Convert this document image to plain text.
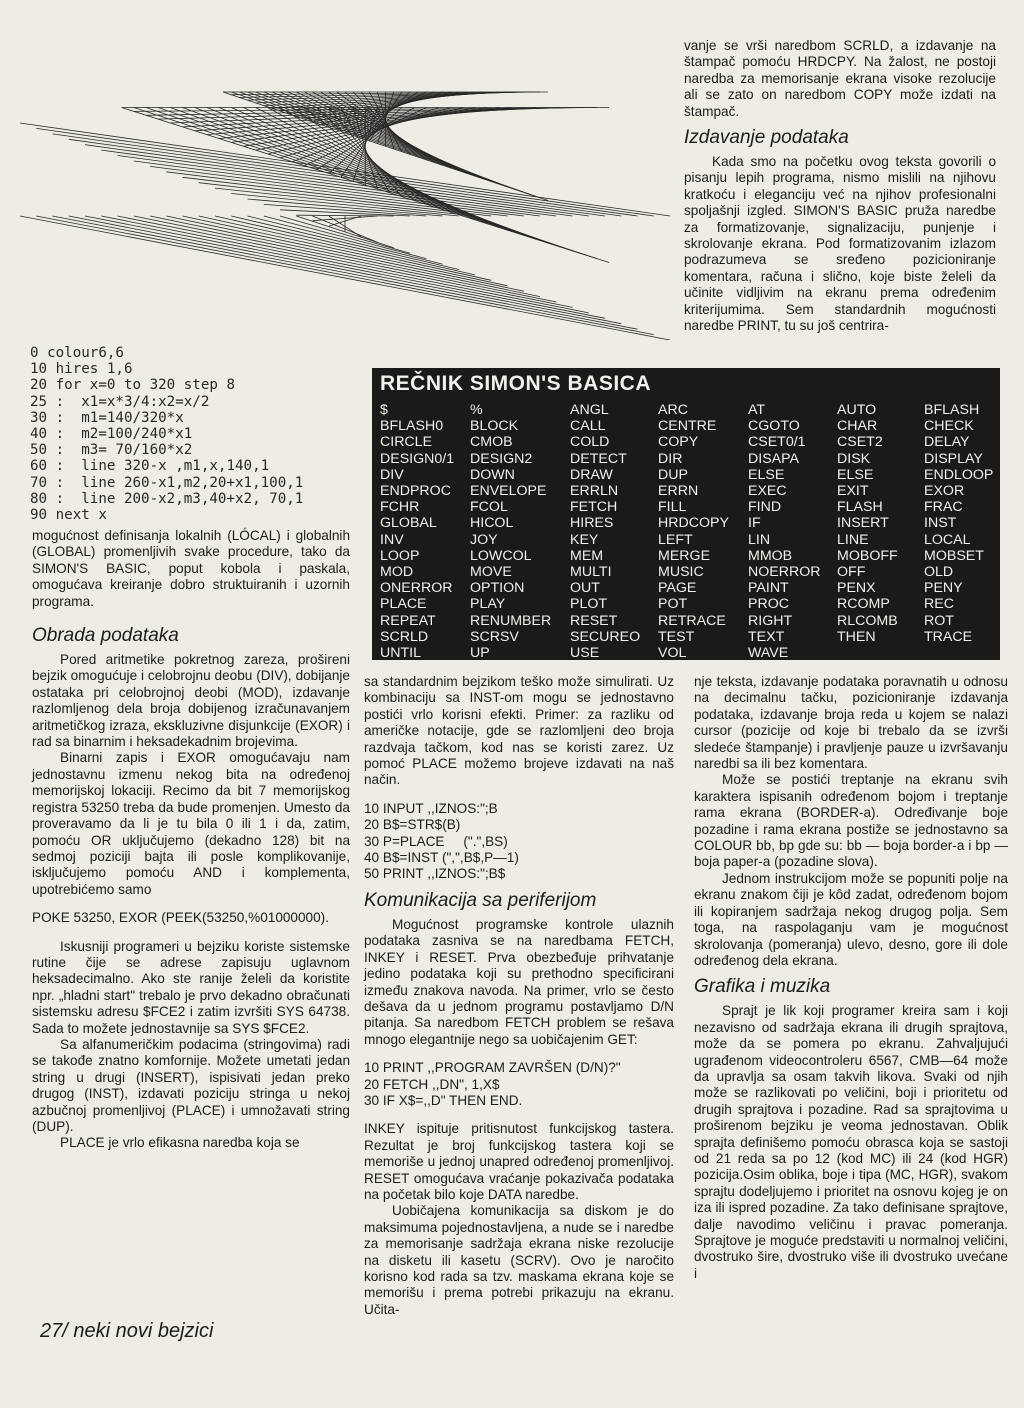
vanje se vrši naredbom SCRLD, a izdavanje na štampač pomoću HRDCPY. Na žalost, ne postoji naredba za memorisanje ekrana visoke rezolucije ali se zato on naredbom COPY može izdati na štampač.

Izdavanje podataka

Kada smo na početku ovog teksta govorili o pisanju lepih programa, nismo mislili na njihovu kratkoću i eleganciju već na njihov profesionalni spoljašnji izgled. SIMON'S BASIC pruža naredbe za formatizovanje, signalizaciju, punjenje i skrolovanje ekrana. Pod formatizovanim izlazom podrazumeva se sređeno pozicioniranje komentara, računa i slično, koje biste želeli da učinite vidljivim na ekranu prema određenim kriterijumima. Sem standardnih mogućnosti naredbe PRINT, tu su još centrira-

0 colour6,6
10 hires 1,6
20 for x=0 to 320 step 8
25 :  x1=x*3/4:x2=x/2
30 :  m1=140/320*x
40 :  m2=100/240*x1
50 :  m3= 70/160*x2
60 :  line 320-x ,m1,x,140,1
70 :  line 260-x1,m2,20+x1,100,1
80 :  line 200-x2,m3,40+x2, 70,1
90 next x
REČNIK SIMON'S BASICA
$
BFLASH0
CIRCLE
DESIGN0/1
DIV
ENDPROC
FCHR
GLOBAL
INV
LOOP
MOD
ONERROR
PLACE
REPEAT
SCRLD
UNTIL
%
BLOCK
CMOB
DESIGN2
DOWN
ENVELOPE
FCOL
HICOL
JOY
LOWCOL
MOVE
OPTION
PLAY
RENUMBER
SCRSV
UP
ANGL
CALL
COLD
DETECT
DRAW
ERRLN
FETCH
HIRES
KEY
MEM
MULTI
OUT
PLOT
RESET
SECUREO
USE
ARC
CENTRE
COPY
DIR
DUP
ERRN
FILL
HRDCOPY
LEFT
MERGE
MUSIC
PAGE
POT
RETRACE
TEST
VOL
AT
CGOTO
CSET0/1
DISAPA
ELSE
EXEC
FIND
IF
LIN
MMOB
NOERROR
PAINT
PROC
RIGHT
TEXT
WAVE
AUTO
CHAR
CSET2
DISK
ELSE
EXIT
FLASH
INSERT
LINE
MOBOFF
OFF
PENX
RCOMP
RLCOMB
THEN
BFLASH
CHECK
DELAY
DISPLAY
ENDLOOP
EXOR
FRAC
INST
LOCAL
MOBSET
OLD
PENY
REC
ROT
TRACE

mogućnost definisanja lokalnih (LÓCAL) i globalnih (GLOBAL) promenljivih svake procedure, tako da SIMON'S BASIC, poput kobola i paskala, omogućava kreiranje dobro struktuiranih i uzornih programa.

Obrada podataka

Pored aritmetike pokretnog zareza, prošireni bejzik omogućuje i celobrojnu deobu (DIV), dobijanje ostataka pri celobrojnoj deobi (MOD), izdavanje razlomljenog dela broja dobijenog izračunavanjem aritmetičkog izraza, ekskluzivne disjunkcije (EXOR) i rad sa binarnim i heksadekadnim brojevima.

Binarni zapis i EXOR omogućavaju nam jednostavnu izmenu nekog bita na određenoj memorijskoj lokaciji. Recimo da bit 7 memorijskog registra 53250 treba da bude promenjen. Umesto da proveravamo da li je tu bila 0 ili 1 i da, zatim, pomoću OR uključujemo (dekadno 128) bit na sedmoj poziciji bajta ili posle komplikovanije, isključujemo pomoću AND i komplementa, upotrebićemo samo

POKE 53250, EXOR (PEEK(53250,%01000000).

Iskusniji programeri u bejziku koriste sistemske rutine čije se adrese zapisuju uglavnom heksadecimalno. Ako ste ranije želeli da koristite npr. „hladni start" trebalo je prvo dekadno obračunati sistemsku adresu $FCE2 i zatim izvršiti SYS 64738. Sada to možete jednostavnije sa SYS $FCE2.

Sa alfanumeričkim podacima (stringovima) radi se takođe znatno komfornije. Možete umetati jedan string u drugi (INSERT), ispisivati jedan preko drugog (INST), izdavati poziciju stringa u nekoj azbučnoj promenljivoj (PLACE) i umnožavati string (DUP).

PLACE je vrlo efikasna naredba koja se

sa standardnim bejzikom teško može simulirati. Uz kombinaciju sa INST-om mogu se jednostavno postići vrlo korisni efekti. Primer: za razliku od američke notacije, gde se razlomljeni deo broja razdvaja tačkom, kod nas se koristi zarez. Uz pomoć PLACE možemo brojeve izdavati na naš način.

10 INPUT ,,IZNOS:";B
20 B$=STR$(B)
30 P=PLACE     (".",BS)
40 B$=INST (",",B$,P—1)
50 PRINT ,,IZNOS:";B$
Komunikacija sa periferijom

Mogućnost programske kontrole ulaznih podataka zasniva se na naredbama FETCH, INKEY i RESET. Prva obezbeđuje prihvatanje jedino podataka koji su prethodno specificirani između znakova navoda. Na primer, vrlo se često dešava da u jednom programu postavljamo D/N pitanja. Sa naredbom FETCH problem se rešava mnogo elegantnije nego sa uobičajenim GET:

10 PRINT ,,PROGRAM ZAVRŠEN (D/N)?"
20 FETCH ,,DN", 1,X$
30 IF X$=,,D" THEN END.

INKEY ispituje pritisnutost funkcijskog tastera. Rezultat je broj funkcijskog tastera koji se memoriše u jednoj unapred određenoj promenljivoj. RESET omogućava vraćanje pokazivača podataka na početak bilo koje DATA naredbe.

Uobičajena komunikacija sa diskom je do maksimuma pojednostavljena, a nude se i naredbe za memorisanje sadržaja ekrana niske rezolucije na disketu ili kasetu (SCRV). Ovo je naročito korisno kod rada sa tzv. maskama ekrana koje se memorišu i prema potrebi prikazuju na ekranu. Učita-

nje teksta, izdavanje podataka poravnatih u odnosu na decimalnu tačku, pozicioniranje izdavanja podataka, izdavanje broja reda u kojem se nalazi cursor (pozicije od koje bi trebalo da se izvrši sledeće štampanje) i pravljenje pauze u izvršavanju naredbi sa ili bez komentara.

Može se postići treptanje na ekranu svih karaktera ispisanih određenom bojom i treptanje rama ekrana (BORDER-a). Određivanje boje pozadine i rama ekrana postiže se jednostavno sa COLOUR bb, bp gde su: bb — boja border-a i bp — boja paper-a (pozadine slova).

Jednom instrukcijom može se popuniti polje na ekranu znakom čiji je kôd zadat, određenom bojom ili kopiranjem sadržaja nekog drugog polja. Sem toga, na raspolaganju vam je mogućnost skrolovanja (pomeranja) ulevo, desno, gore ili dole određenog dela ekrana.

Grafika i muzika

Sprajt je lik koji programer kreira sam i koji nezavisno od sadržaja ekrana ili drugih sprajtova, može da se pomera po ekranu. Zahvaljujući ugrađenom videocontroleru 6567, CMB—64 može da upravlja sa osam takvih likova. Svaki od njih može se razlikovati po veličini, boji i prioritetu od drugih sprajtova i pozadine. Rad sa sprajtovima u proširenom bejziku je veoma jednostavan. Oblik sprajta definišemo pomoću obrasca koja se sastoji od 21 reda sa po 12 (kod MC) ili 24 (kod HGR) pozicija.Osim oblika, boje i tipa (MC, HGR), svakom sprajtu dodeljujemo i prioritet na osnovu kojeg je on iza ili ispred pozadine. Za tako definisane sprajtove, dalje navodimo veličinu i pravac pomeranja. Sprajtove je moguće predstaviti u normalnoj veličini, dvostruko šire, dvostruko više ili dvostruko uvećane i

27/ neki novi bejzici
